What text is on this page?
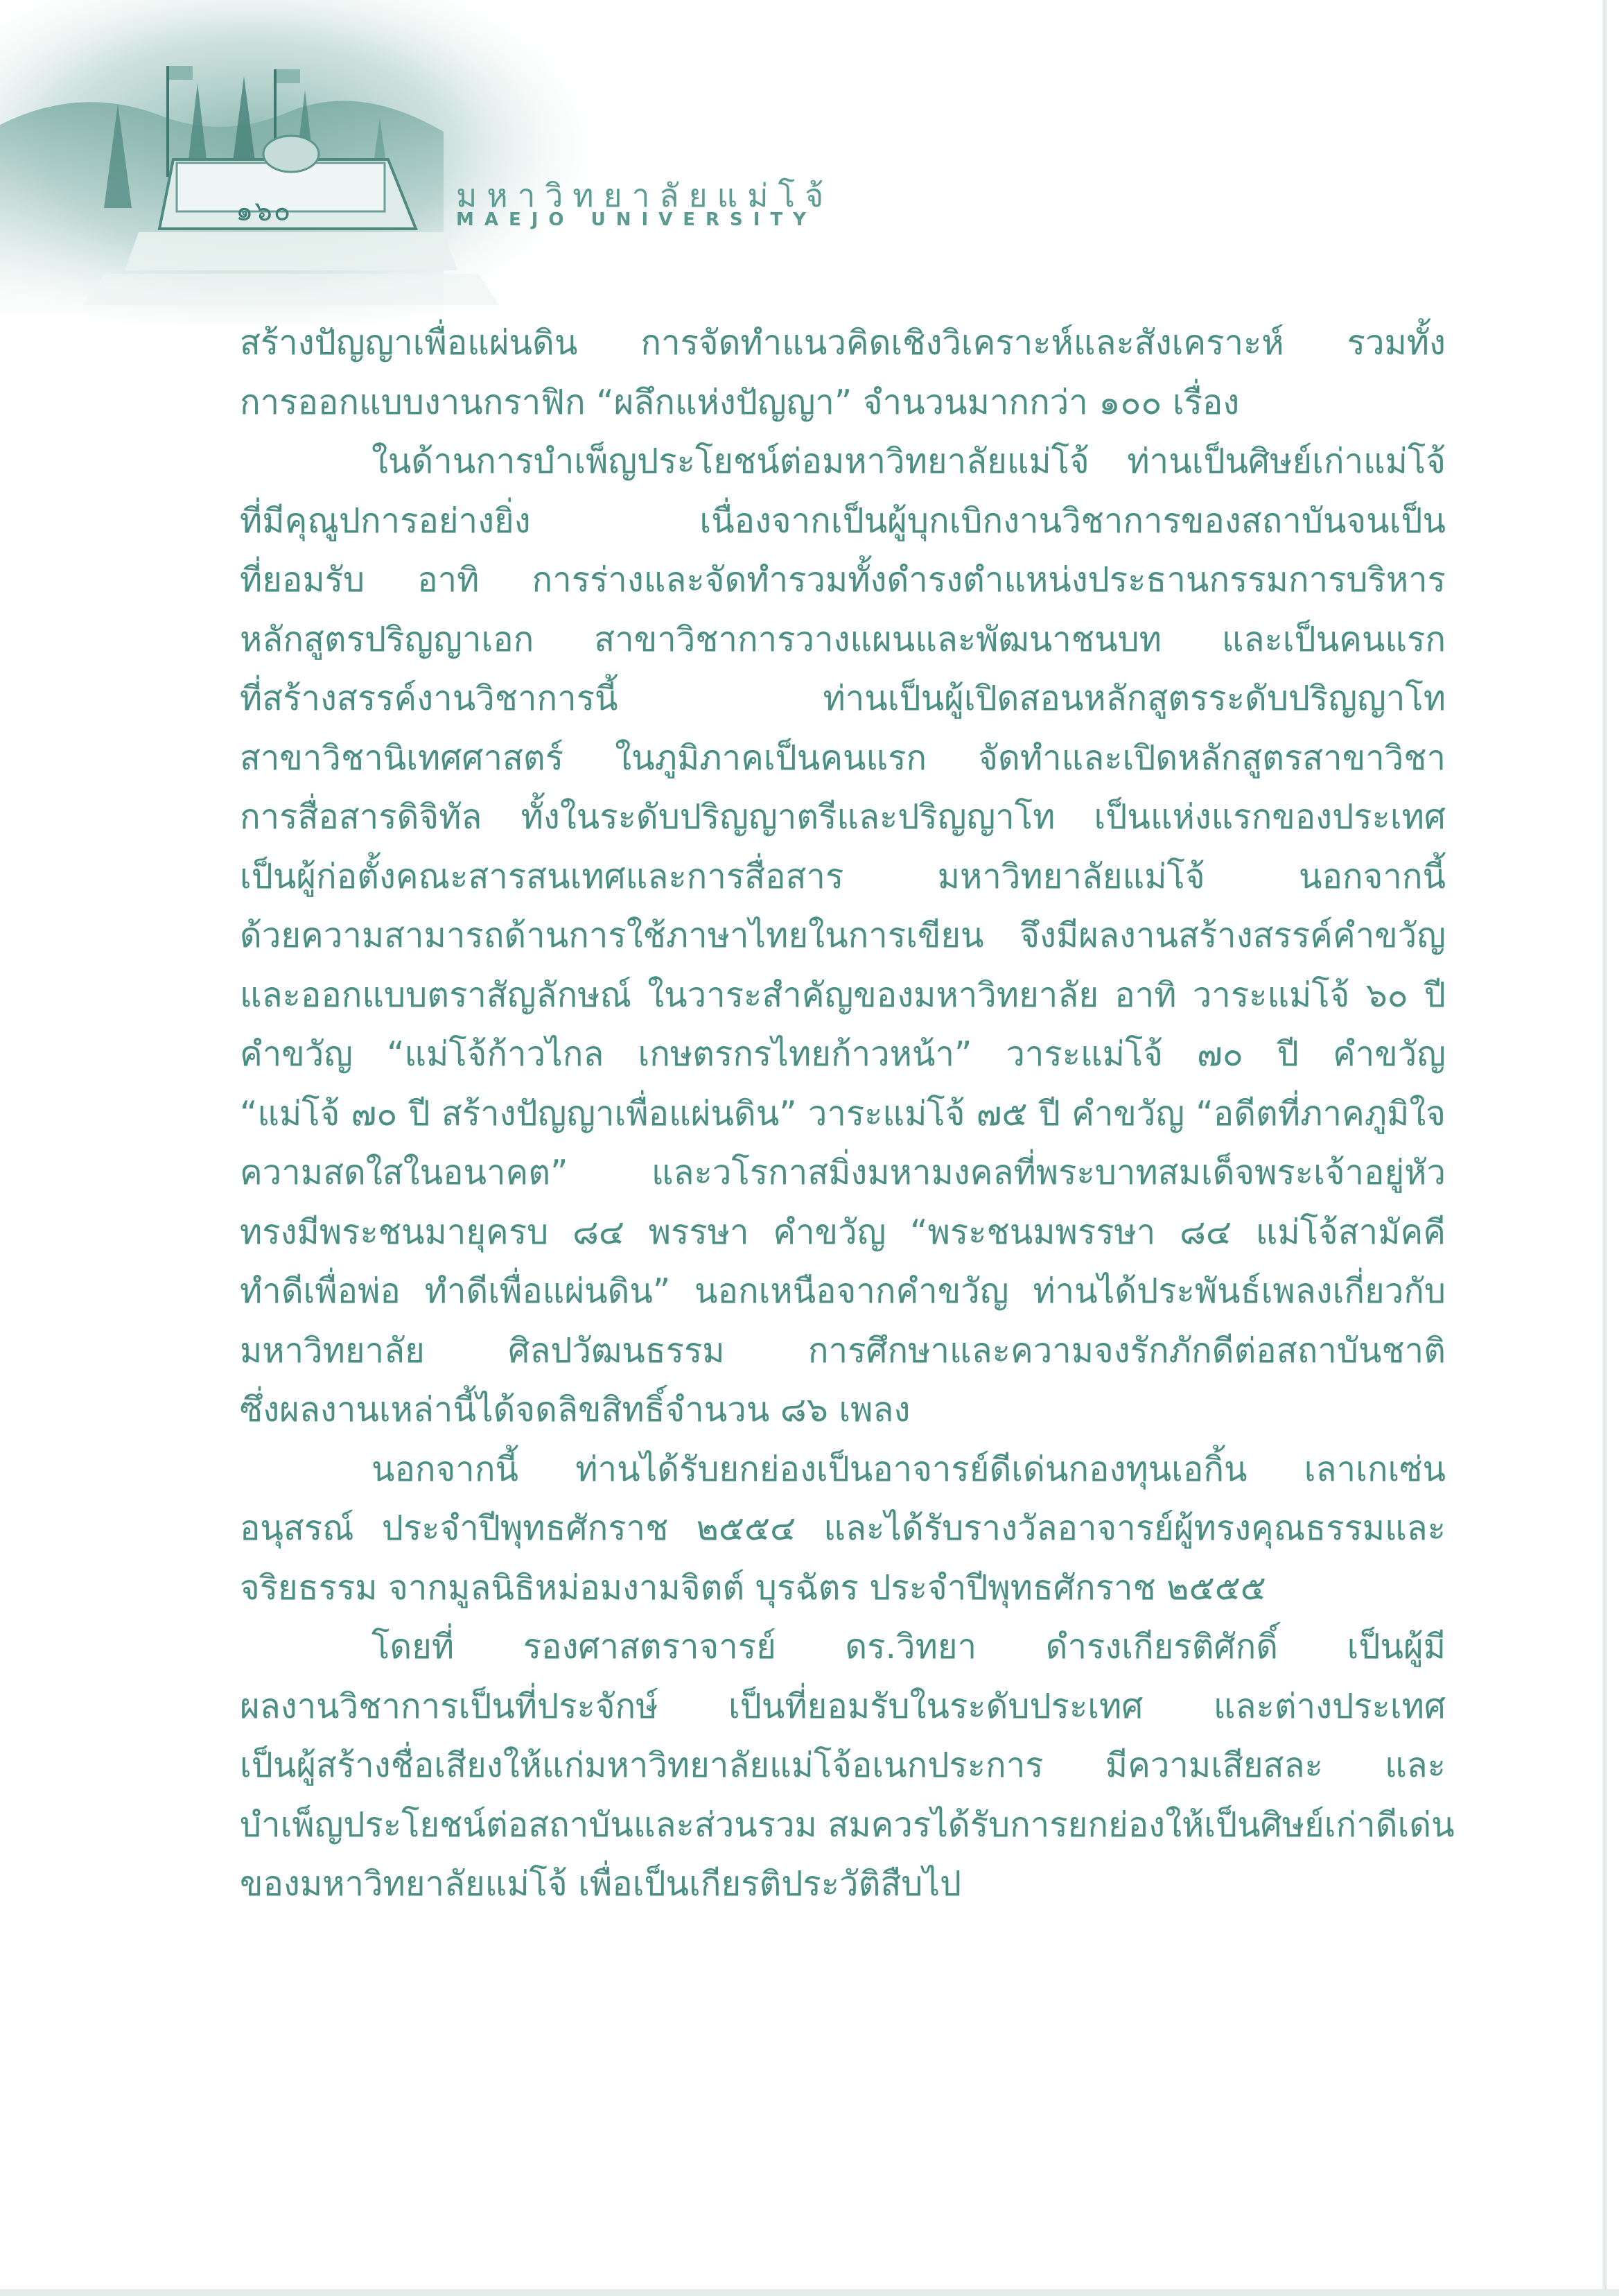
๑๖๐	มหาวิทยาลัยแม่โจ้
MAEJO UNIVERSITY
สร้างปัญญาเพื่อแผ่นดิน การจัดทำแนวคิดเชิงวิเคราะห์และสังเคราะห์ รวมทั้ง
การออกแบบงานกราฟิก “ผลึกแห่งปัญญา” จำนวนมากกว่า ๑๐๐ เรื่อง
ในด้านการบำเพ็ญประโยชน์ต่อมหาวิทยาลัยแม่โจ้ ท่านเป็นศิษย์เก่าแม่โจ้
ที่มีคุณูปการอย่างยิ่ง เนื่องจากเป็นผู้บุกเบิกงานวิชาการของสถาบันจนเป็น
ที่ยอมรับ อาทิ การร่างและจัดทำรวมทั้งดำรงตำแหน่งประธานกรรมการบริหาร
หลักสูตรปริญญาเอก สาขาวิชาการวางแผนและพัฒนาชนบท และเป็นคนแรก
ที่สร้างสรรค์งานวิชาการนี้ ท่านเป็นผู้เปิดสอนหลักสูตรระดับปริญญาโท
สาขาวิชานิเทศศาสตร์ ในภูมิภาคเป็นคนแรก จัดทำและเปิดหลักสูตรสาขาวิชา
การสื่อสารดิจิทัล ทั้งในระดับปริญญาตรีและปริญญาโท เป็นแห่งแรกของประเทศ
เป็นผู้ก่อตั้งคณะสารสนเทศและการสื่อสาร มหาวิทยาลัยแม่โจ้ นอกจากนี้
ด้วยความสามารถด้านการใช้ภาษาไทยในการเขียน จึงมีผลงานสร้างสรรค์คำขวัญ
และออกแบบตราสัญลักษณ์ ในวาระสำคัญของมหาวิทยาลัย อาทิ วาระแม่โจ้ ๖๐ ปี
คำขวัญ “แม่โจ้ก้าวไกล เกษตรกรไทยก้าวหน้า” วาระแม่โจ้ ๗๐ ปี คำขวัญ
“แม่โจ้ ๗๐ ปี สร้างปัญญาเพื่อแผ่นดิน” วาระแม่โจ้ ๗๕ ปี คำขวัญ “อดีตที่ภาคภูมิใจ
ความสดใสในอนาคต” และวโรกาสมิ่งมหามงคลที่พระบาทสมเด็จพระเจ้าอยู่หัว
ทรงมีพระชนมายุครบ ๘๔ พรรษา คำขวัญ “พระชนมพรรษา ๘๔ แม่โจ้สามัคคี
ทำดีเพื่อพ่อ ทำดีเพื่อแผ่นดิน” นอกเหนือจากคำขวัญ ท่านได้ประพันธ์เพลงเกี่ยวกับ
มหาวิทยาลัย ศิลปวัฒนธรรม การศึกษาและความจงรักภักดีต่อสถาบันชาติ
ซึ่งผลงานเหล่านี้ได้จดลิขสิทธิ์จำนวน ๘๖ เพลง
นอกจากนี้ ท่านได้รับยกย่องเป็นอาจารย์ดีเด่นกองทุนเอกิ้น เลาเกเซ่น
อนุสรณ์ ประจำปีพุทธศักราช ๒๕๕๔ และได้รับรางวัลอาจารย์ผู้ทรงคุณธรรมและ
จริยธรรม จากมูลนิธิหม่อมงามจิตต์ บุรฉัตร ประจำปีพุทธศักราช ๒๕๕๕
โดยที่ รองศาสตราจารย์ ดร.วิทยา ดำรงเกียรติศักดิ์ เป็นผู้มี
ผลงานวิชาการเป็นที่ประจักษ์ เป็นที่ยอมรับในระดับประเทศ และต่างประเทศ
เป็นผู้สร้างชื่อเสียงให้แก่มหาวิทยาลัยแม่โจ้อเนกประการ มีความเสียสละ และ
บำเพ็ญประโยชน์ต่อสถาบันและส่วนรวม สมควรได้รับการยกย่องให้เป็นศิษย์เก่าดีเด่น
ของมหาวิทยาลัยแม่โจ้ เพื่อเป็นเกียรติประวัติสืบไป
